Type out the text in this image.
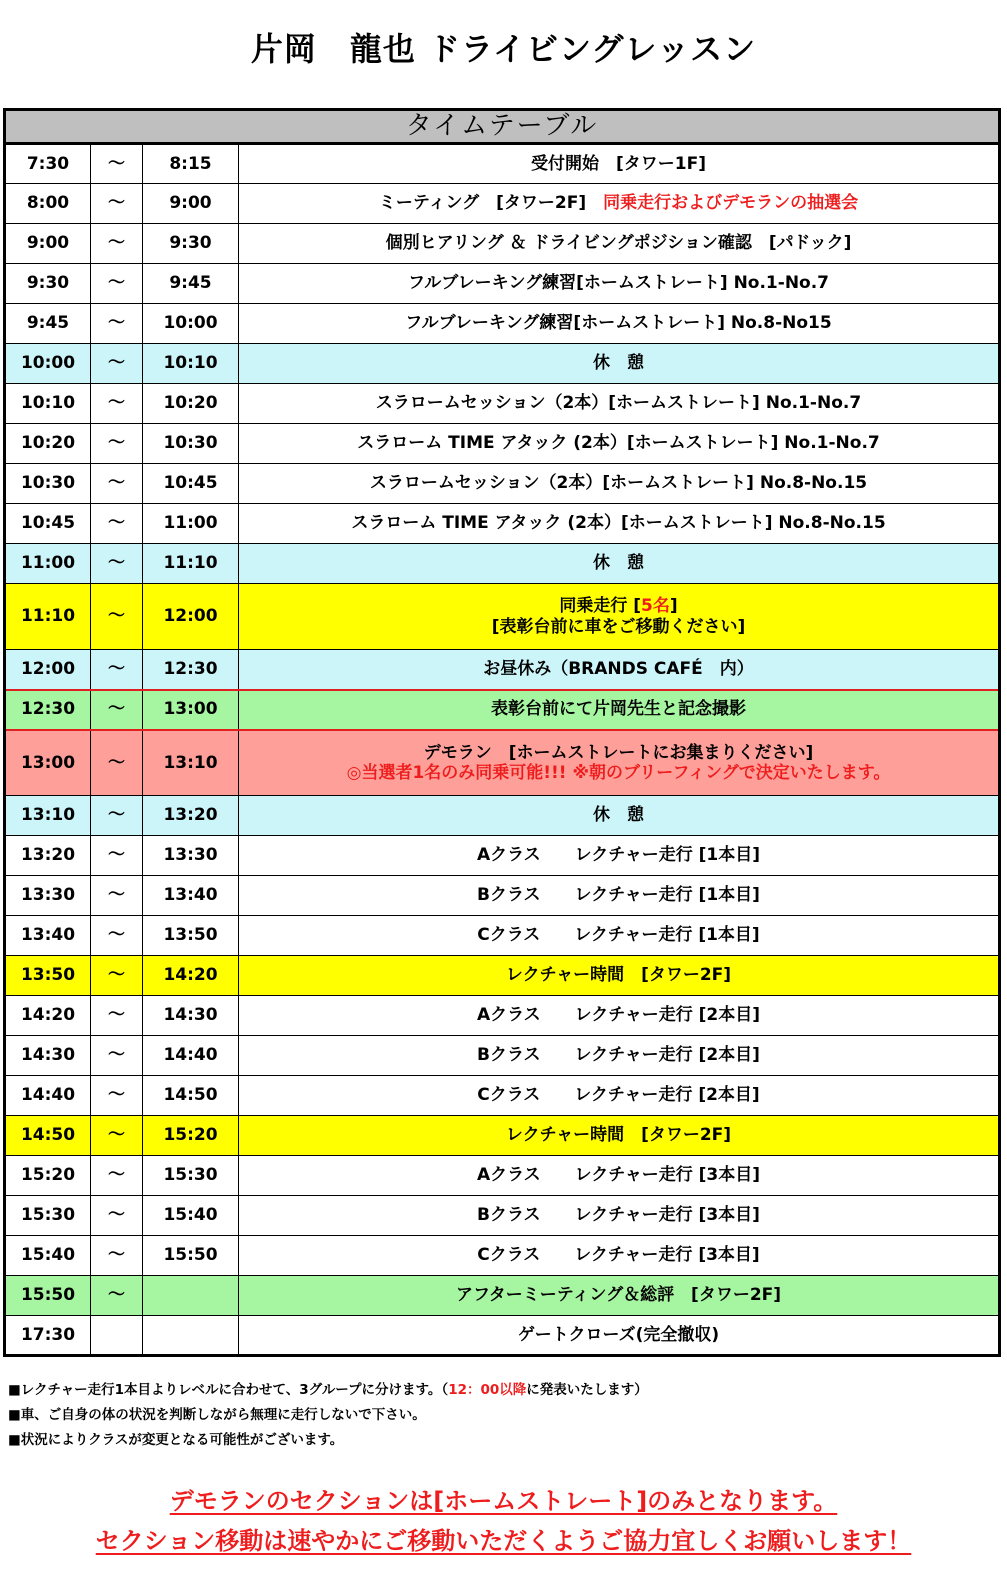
片岡　龍也 ドライビングレッスン
タイムテーブル			
7:30	～	8:15	受付開始　[タワー1F]
8:00	～	9:00	ミーティング　[タワー2F]　同乗走行およびデモランの抽選会
9:00	～	9:30	個別ヒアリング ＆ ドライビングポジション確認　[パドック]
9:30	～	9:45	フルブレーキング練習[ホームストレート] No.1-No.7
9:45	～	10:00	フルブレーキング練習[ホームストレート] No.8-No15
10:00	～	10:10	休　憩
10:10	～	10:20	スラロームセッション（2本）[ホームストレート] No.1-No.7
10:20	～	10:30	スラローム TIME アタック (2本）[ホームストレート] No.1-No.7
10:30	～	10:45	スラロームセッション（2本）[ホームストレート] No.8-No.15
10:45	～	11:00	スラローム TIME アタック (2本）[ホームストレート] No.8-No.15
11:00	～	11:10	休　憩
11:10	～	12:00	同乗走行 [5名]
[表彰台前に車をご移動ください]

12:00	～	12:30	お昼休み（BRANDS CAFÉ　内）
12:30	～	13:00	表彰台前にて片岡先生と記念撮影
13:00	～	13:10	デモラン　[ホームストレートにお集まりください]
◎当選者1名のみ同乗可能!!! ※朝のブリーフィングで決定いたします。

13:10	～	13:20	休　憩
13:20	～	13:30	Aクラス　　レクチャー走行 [1本目]
13:30	～	13:40	Bクラス　　レクチャー走行 [1本目]
13:40	～	13:50	Cクラス　　レクチャー走行 [1本目]
13:50	～	14:20	レクチャー時間　[タワー2F]
14:20	～	14:30	Aクラス　　レクチャー走行 [2本目]
14:30	～	14:40	Bクラス　　レクチャー走行 [2本目]
14:40	～	14:50	Cクラス　　レクチャー走行 [2本目]
14:50	～	15:20	レクチャー時間　[タワー2F]
15:20	～	15:30	Aクラス　　レクチャー走行 [3本目]
15:30	～	15:40	Bクラス　　レクチャー走行 [3本目]
15:40	～	15:50	Cクラス　　レクチャー走行 [3本目]
15:50	～		アフターミーティング＆総評　[タワー2F]
17:30			ゲートクローズ(完全撤収)
■レクチャー走行1本目よりレベルに合わせて、3グループに分けます。（12：00以降に発表いたします）
■車、ご自身の体の状況を判断しながら無理に走行しないで下さい。
■状況によりクラスが変更となる可能性がございます。
デモランのセクションは[ホームストレート]のみとなります。
セクション移動は速やかにご移動いただくようご協力宜しくお願いします！
